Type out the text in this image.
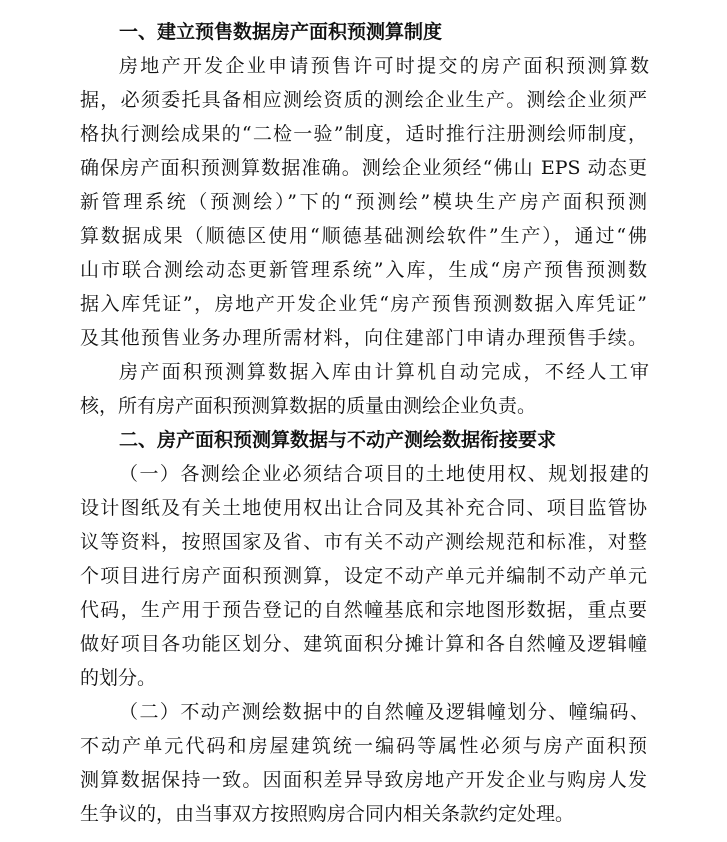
一、建立预售数据房产面积预测算制度
房地产开发企业申请预售许可时提交的房产面积预测算数
据，必须委托具备相应测绘资质的测绘企业生产。测绘企业须严
格执行测绘成果的“二检一验”制度，适时推行注册测绘师制度，
确保房产面积预测算数据准确。测绘企业须经“佛山 EPS 动态更
新管理系统（预测绘）”下的“预测绘”模块生产房产面积预测
算数据成果（顺德区使用“顺德基础测绘软件”生产），通过“佛
山市联合测绘动态更新管理系统”入库，生成“房产预售预测数
据入库凭证”，房地产开发企业凭“房产预售预测数据入库凭证”
及其他预售业务办理所需材料，向住建部门申请办理预售手续。
房产面积预测算数据入库由计算机自动完成，不经人工审
核，所有房产面积预测算数据的质量由测绘企业负责。
二、房产面积预测算数据与不动产测绘数据衔接要求
（一）各测绘企业必须结合项目的土地使用权、规划报建的
设计图纸及有关土地使用权出让合同及其补充合同、项目监管协
议等资料，按照国家及省、市有关不动产测绘规范和标准，对整
个项目进行房产面积预测算，设定不动产单元并编制不动产单元
代码，生产用于预告登记的自然幢基底和宗地图形数据，重点要
做好项目各功能区划分、建筑面积分摊计算和各自然幢及逻辑幢
的划分。
（二）不动产测绘数据中的自然幢及逻辑幢划分、幢编码、
不动产单元代码和房屋建筑统一编码等属性必须与房产面积预
测算数据保持一致。因面积差异导致房地产开发企业与购房人发
生争议的，由当事双方按照购房合同内相关条款约定处理。
